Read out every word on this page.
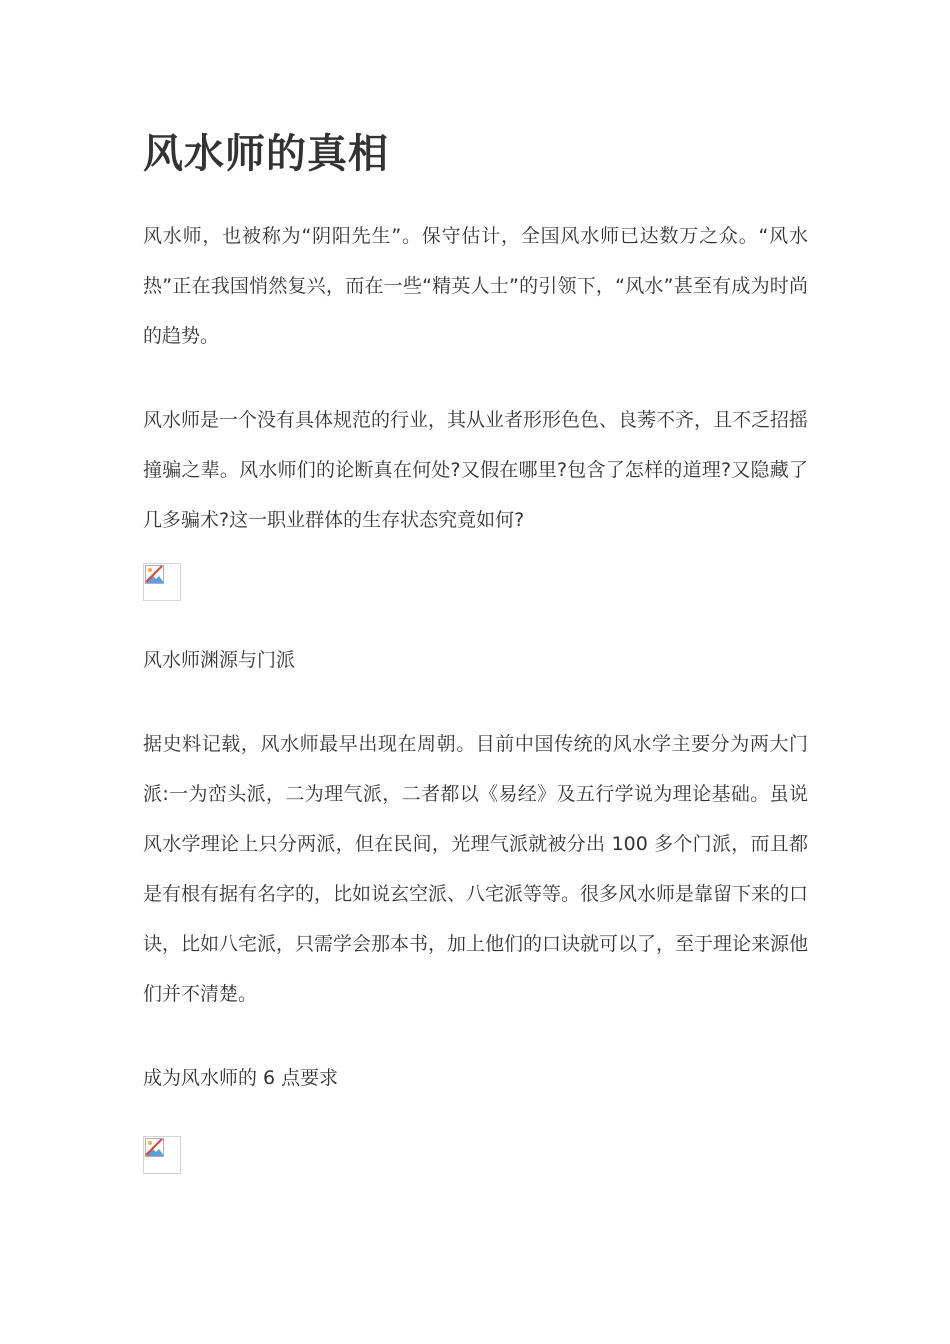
风水师的真相

风水师，也被称为“阴阳先生”。保守估计，全国风水师已达数万之众。“风水热”正在我国悄然复兴，而在一些“精英人士”的引领下，“风水”甚至有成为时尚的趋势。

风水师是一个没有具体规范的行业，其从业者形形色色、良莠不齐，且不乏招摇撞骗之辈。风水师们的论断真在何处?又假在哪里?包含了怎样的道理?又隐藏了几多骗术?这一职业群体的生存状态究竟如何?

风水师渊源与门派

据史料记载，风水师最早出现在周朝。目前中国传统的风水学主要分为两大门派:一为峦头派，二为理气派，二者都以《易经》及五行学说为理论基础。虽说风水学理论上只分两派，但在民间，光理气派就被分出 100 多个门派，而且都是有根有据有名字的，比如说玄空派、八宅派等等。很多风水师是靠留下来的口诀，比如八宅派，只需学会那本书，加上他们的口诀就可以了，至于理论来源他们并不清楚。

成为风水师的 6 点要求
